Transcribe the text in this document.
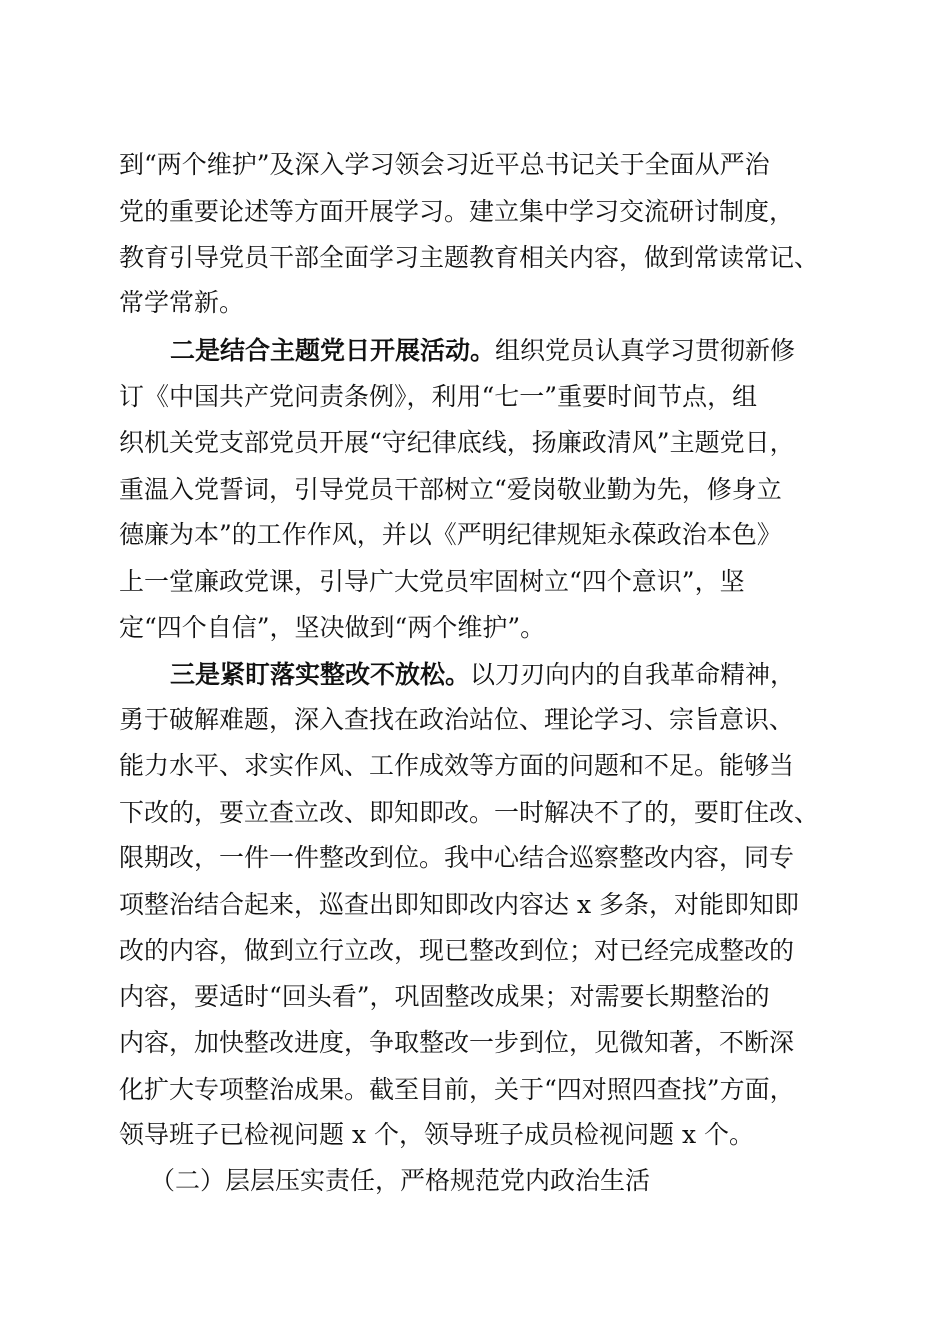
到“两个维护”及深入学习领会习近平总书记关于全面从严治
党的重要论述等方面开展学习。建立集中学习交流研讨制度，
教育引导党员干部全面学习主题教育相关内容，做到常读常记、
常学常新。
二是结合主题党日开展活动。组织党员认真学习贯彻新修
订《中国共产党问责条例》，利用“七一”重要时间节点，组
织机关党支部党员开展“守纪律底线，扬廉政清风”主题党日，
重温入党誓词，引导党员干部树立“爱岗敬业勤为先，修身立
德廉为本”的工作作风，并以《严明纪律规矩永葆政治本色》
上一堂廉政党课，引导广大党员牢固树立“四个意识”，坚
定“四个自信”，坚决做到“两个维护”。
三是紧盯落实整改不放松。以刀刃向内的自我革命精神，
勇于破解难题，深入查找在政治站位、理论学习、宗旨意识、
能力水平、求实作风、工作成效等方面的问题和不足。能够当
下改的，要立查立改、即知即改。一时解决不了的，要盯住改、
限期改，一件一件整改到位。我中心结合巡察整改内容，同专
项整治结合起来，巡查出即知即改内容达 x 多条，对能即知即
改的内容，做到立行立改，现已整改到位；对已经完成整改的
内容，要适时“回头看”，巩固整改成果；对需要长期整治的
内容，加快整改进度，争取整改一步到位，见微知著，不断深
化扩大专项整治成果。截至目前，关于“四对照四查找”方面，
领导班子已检视问题 x 个，领导班子成员检视问题 x 个。
（二）层层压实责任，严格规范党内政治生活
